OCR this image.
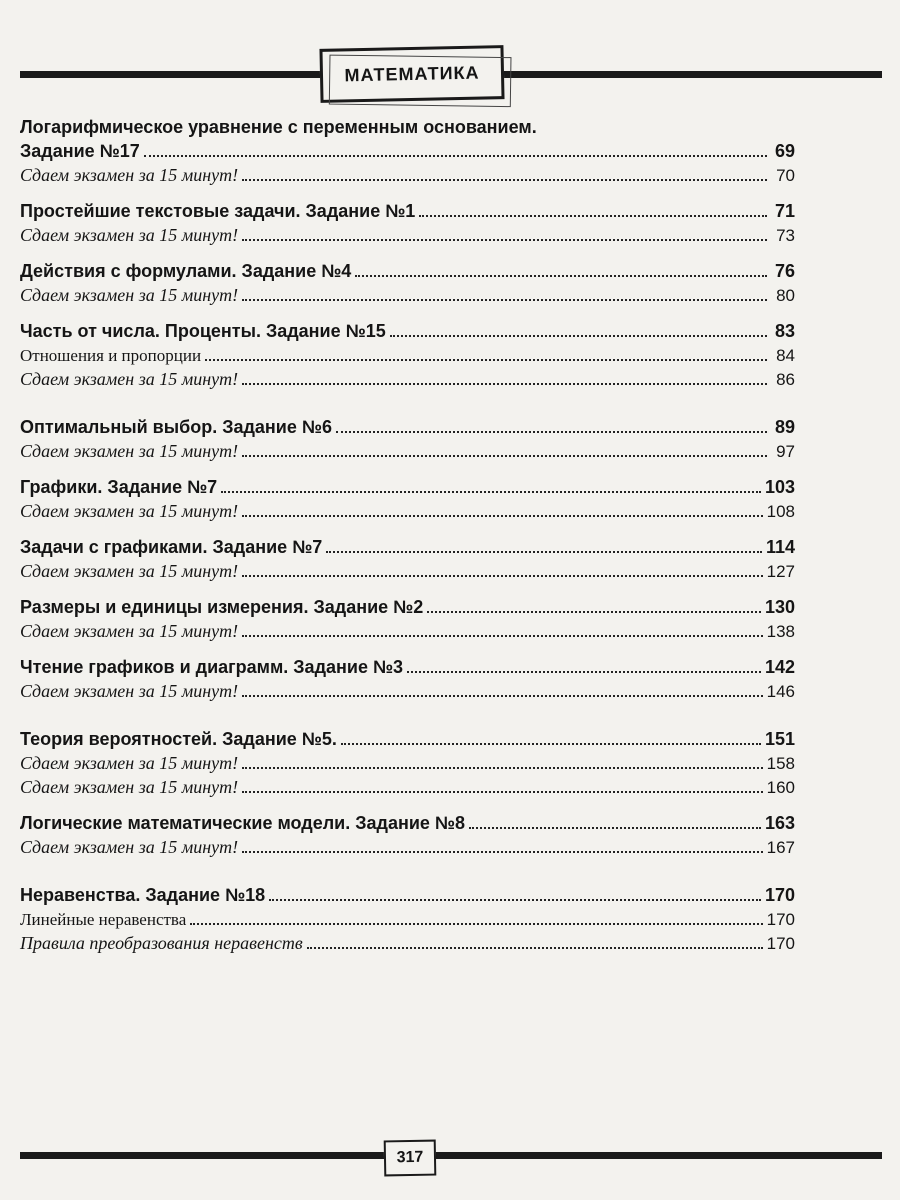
МАТЕМАТИКА
Логарифмическое уравнение с переменным основанием.
Задание №17	69
Сдаем экзамен за 15 минут!	70
Простейшие текстовые задачи. Задание №1	71
Сдаем экзамен за 15 минут!	73
Действия с формулами. Задание №4	76
Сдаем экзамен за 15 минут!	80
Часть от числа. Проценты. Задание №15	83
Отношения и пропорции	84
Сдаем экзамен за 15 минут!	86
Оптимальный выбор. Задание №6	89
Сдаем экзамен за 15 минут!	97
Графики. Задание №7	103
Сдаем экзамен за 15 минут!	108
Задачи с графиками. Задание №7	114
Сдаем экзамен за 15 минут!	127
Размеры и единицы измерения. Задание №2	130
Сдаем экзамен за 15 минут!	138
Чтение графиков и диаграмм. Задание №3	142
Сдаем экзамен за 15 минут!	146
Теория вероятностей. Задание №5.	151
Сдаем экзамен за 15 минут!	158
Сдаем экзамен за 15 минут!	160
Логические математические модели. Задание №8	163
Сдаем экзамен за 15 минут!	167
Неравенства. Задание №18	170
Линейные неравенства	170
Правила преобразования неравенств	170
317
